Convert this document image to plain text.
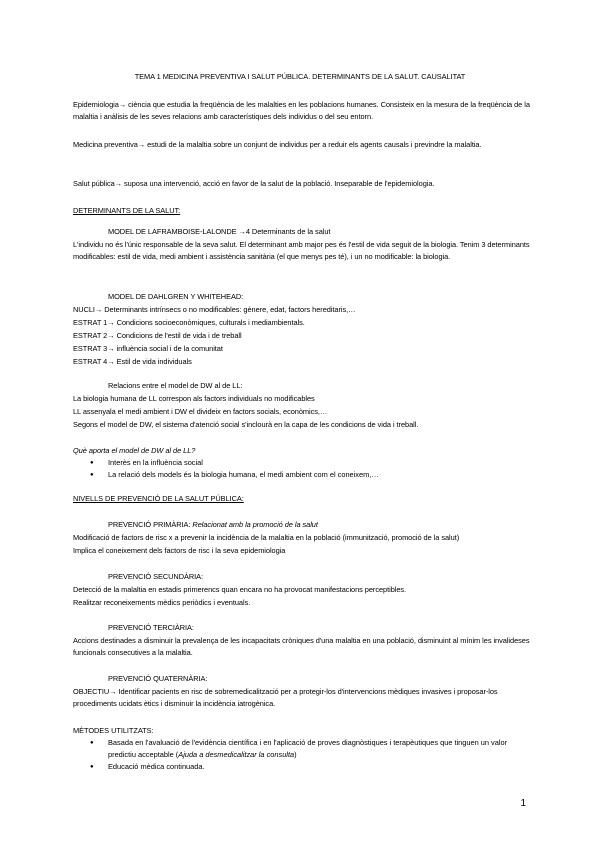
TEMA 1 MEDICINA PREVENTIVA I SALUT PÚBLICA. DETERMINANTS DE LA SALUT. CAUSALITAT
Epidemiologia→ ciència que estudia la freqüència de les malalties en les poblacions humanes. Consisteix en la mesura de la freqüència de la malaltia i anàlisis de les seves relacions amb característiques dels individus o del seu entorn.
Medicina preventiva→ estudi de la malaltia sobre un conjunt de individus per a reduir els agents causals i previndre la malaltia.
Salut pública→ suposa una intervenció, acció en favor de la salut de la població. Inseparable de l'epidemiologia.
DETERMINANTS DE LA SALUT:
MODEL DE LAFRAMBOISE-LALONDE →4 Determinants de la salut
L'individu no és l'únic responsable de la seva salut. El determinant amb major pes és l'estil de vida seguit de la biologia. Tenim 3 determinants modificables: estil de vida, medi ambient i assistència sanitària (el que menys pes té), i un no modificable: la biologia.
MODEL DE DAHLGREN Y WHITEHEAD:
NUCLI→ Determinants intrínsecs o no modificables: gènere, edat, factors hereditaris,…
ESTRAT 1→ Condicions socioeconòmiques, culturals i mediambientals.
ESTRAT 2→ Condicions de l'estil de vida i de treball
ESTRAT 3→ influència social i de la comunitat
ESTRAT 4→ Estil de vida individuals
Relacions entre el model de DW al de LL:
La biologia humana de LL correspon als factors individuals no modificables
LL assenyala el medi ambient i DW el divideix en factors socials, econòmics,…
Segons el model de DW, el sistema d'atenció social s'inclourà en la capa de les condicions de vida i treball.
Què aporta el model de DW al de LL?
● Interès en la influència social
● La relació dels models és la biologia humana, el medi ambient com el coneixem,…
NIVELLS DE PREVENCIÓ DE LA SALUT PÚBLICA:
PREVENCIÓ PRIMÀRIA: Relacionat amb la promoció de la salut
Modificació de factors de risc x a prevenir la incidència de la malaltia en la població (immunització, promoció de la salut)
Implica el coneixement dels factors de risc i la seva epidemiologia
PREVENCIÓ SECUNDÀRIA:
Detecció de la malaltia en estadis primerencs quan encara no ha provocat manifestacions perceptibles.
Realitzar reconeixements mèdics periòdics i eventuals.
PREVENCIÓ TERCIÀRIA:
Accions destinades a disminuir la prevalença de les incapacitats cròniques d'una malaltia en una població, disminuint al mínim les invalideses funcionals consecutives a la malaltia.
PREVENCIÓ QUATERNÀRIA:
OBJECTIU→ Identificar pacients en risc de sobremedicalització per a protegir-los d'intervencions mèdiques invasives i proposar-los procediments ucidats ètics i disminuir la incidència iatrogènica.
MÈTODES UTILITZATS:
● Basada en l'avaluació de l'evidència científica i en l'aplicació de proves diagnòstiques i terapèutiques que tinguen un valor predictiu acceptable (Ajuda a desmedicalitzar la consulta)
● Educació mèdica continuada.
1
